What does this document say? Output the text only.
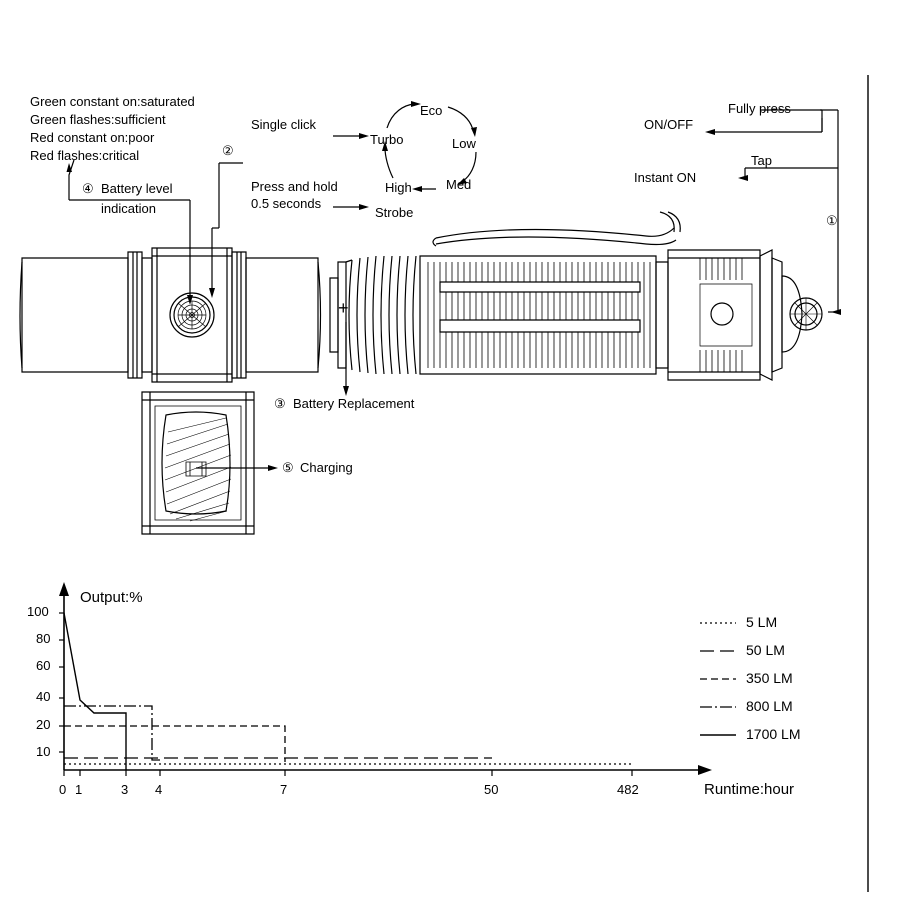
Green constant on:saturated
Green flashes:sufficient
Red constant on:poor
Red flashes:critical
④ Battery level
indication
Single click
②
Press and hold
0.5 seconds
Strobe
Turbo
Eco
Low
Med
High
Fully press
ON/OFF
Tap
Instant ON
①
+
③ Battery Replacement
⑤ Charging
Output:%
Runtime:hour
100
80
60
40
20
10
0 1	3 4	7	50	482
5 LM
50 LM
350 LM
800 LM
1700 LM
